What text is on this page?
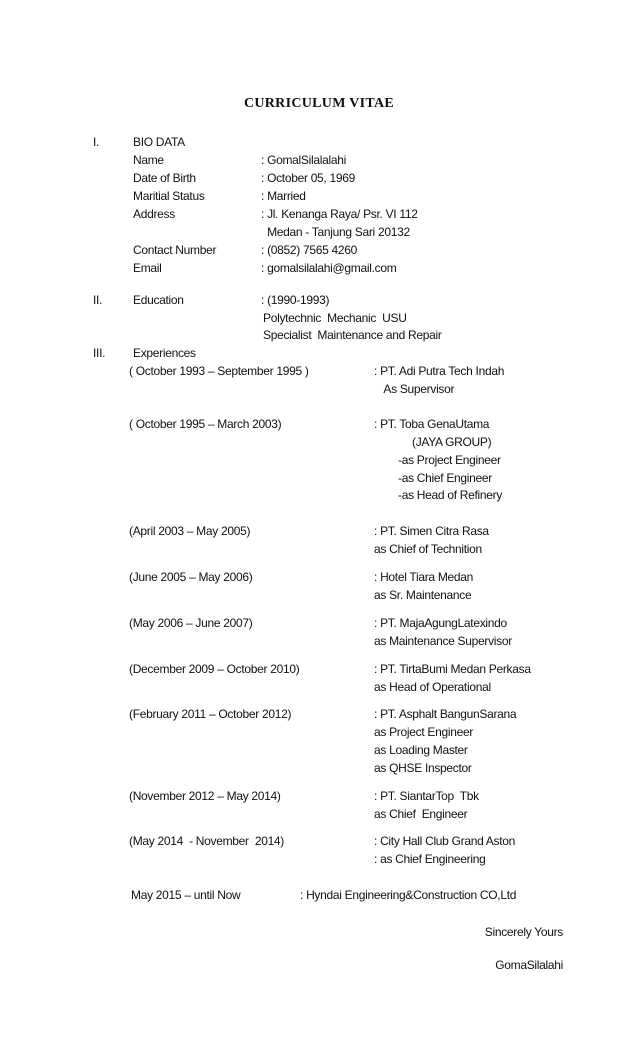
CURRICULUM VITAE
I.	BIO DATA
Name	: GomalSilalalahi
Date of Birth	: October 05, 1969
Maritial Status	: Married
Address	: Jl. Kenanga Raya/ Psr. VI 112
Medan - Tanjung Sari 20132
Contact Number	: (0852) 7565 4260
Email	: gomalsilalahi@gmail.com
II.	Education	: (1990-1993)
Polytechnic  Mechanic  USU
Specialist  Maintenance and Repair
III. Experiences
( October 1993 – September 1995 )	: PT. Adi Putra Tech Indah
As Supervisor
( October 1995 – March 2003)	: PT. Toba GenaUtama
(JAYA GROUP)
-as Project Engineer
-as Chief Engineer
-as Head of Refinery
(April 2003 – May 2005)	: PT. Simen Citra Rasa
as Chief of Technition
(June 2005 – May 2006)	: Hotel Tiara Medan
as Sr. Maintenance
(May 2006 – June 2007)	: PT. MajaAgungLatexindo
as Maintenance Supervisor
(December 2009 – October 2010)	: PT. TirtaBumi Medan Perkasa
as Head of Operational
(February 2011 – October 2012)	: PT. Asphalt BangunSarana
as Project Engineer
as Loading Master
as QHSE Inspector
(November 2012 – May 2014)	: PT. SiantarTop  Tbk
as Chief  Engineer
(May 2014  - November  2014)	: City Hall Club Grand Aston
: as Chief Engineering
May 2015 – until Now	: Hyndai Engineering&Construction CO,Ltd
Sincerely Yours
GomaSilalahi
